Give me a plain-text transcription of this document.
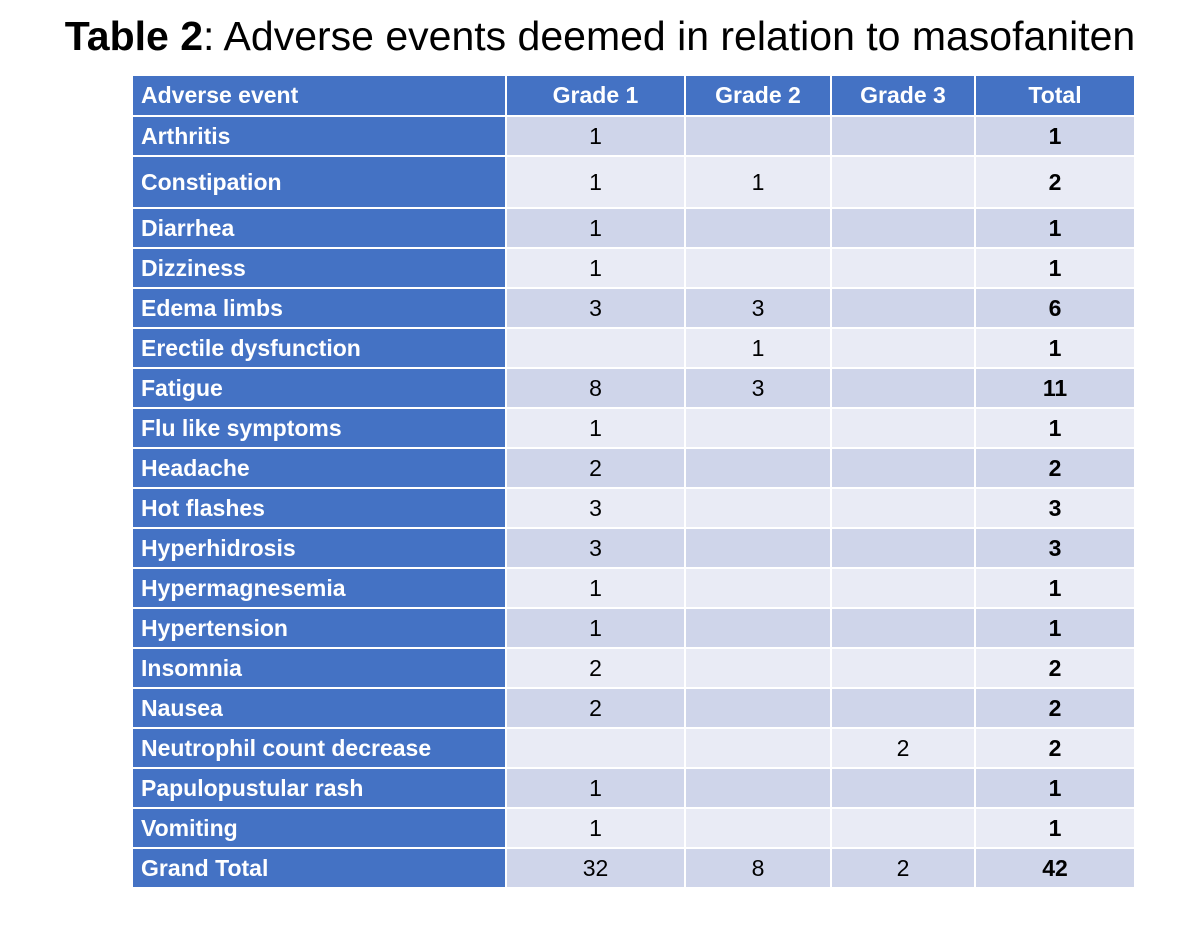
Table 2: Adverse events deemed in relation to masofaniten
Adverse event	Grade 1	Grade 2	Grade 3	Total
Arthritis	1			1
Constipation	1	1		2
Diarrhea	1			1
Dizziness	1			1
Edema limbs	3	3		6
Erectile dysfunction		1		1
Fatigue	8	3		11
Flu like symptoms	1			1
Headache	2			2
Hot flashes	3			3
Hyperhidrosis	3			3
Hypermagnesemia	1			1
Hypertension	1			1
Insomnia	2			2
Nausea	2			2
Neutrophil count decrease			2	2
Papulopustular rash	1			1
Vomiting	1			1
Grand Total	32	8	2	42
